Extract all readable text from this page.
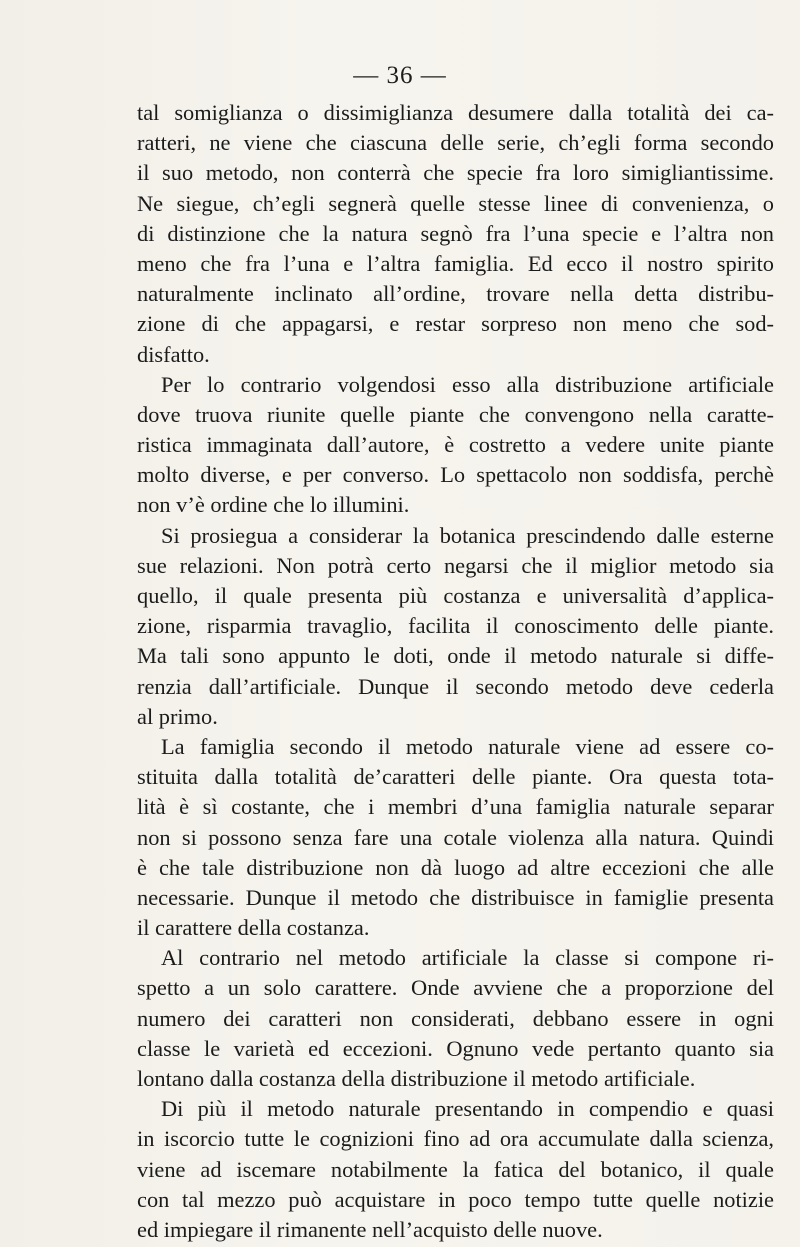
— 36 —
tal somiglianza o dissimiglianza desumere dalla totalità dei ca-
ratteri, ne viene che ciascuna delle serie, ch’egli forma secondo
il suo metodo, non conterrà che specie fra loro simigliantissime.
Ne siegue, ch’egli segnerà quelle stesse linee di convenienza, o
di distinzione che la natura segnò fra l’una specie e l’altra non
meno che fra l’una e l’altra famiglia. Ed ecco il nostro spirito
naturalmente inclinato all’ordine, trovare nella detta distribu-
zione di che appagarsi, e restar sorpreso non meno che sod-
disfatto.
Per lo contrario volgendosi esso alla distribuzione artificiale
dove truova riunite quelle piante che convengono nella caratte-
ristica immaginata dall’autore, è costretto a vedere unite piante
molto diverse, e per converso. Lo spettacolo non soddisfa, perchè
non v’è ordine che lo illumini.
Si prosiegua a considerar la botanica prescindendo dalle esterne
sue relazioni. Non potrà certo negarsi che il miglior metodo sia
quello, il quale presenta più costanza e universalità d’applica-
zione, risparmia travaglio, facilita il conoscimento delle piante.
Ma tali sono appunto le doti, onde il metodo naturale si diffe-
renzia dall’artificiale. Dunque il secondo metodo deve cederla
al primo.
La famiglia secondo il metodo naturale viene ad essere co-
stituita dalla totalità de’caratteri delle piante. Ora questa tota-
lità è sì costante, che i membri d’una famiglia naturale separar
non si possono senza fare una cotale violenza alla natura. Quindi
è che tale distribuzione non dà luogo ad altre eccezioni che alle
necessarie. Dunque il metodo che distribuisce in famiglie presenta
il carattere della costanza.
Al contrario nel metodo artificiale la classe si compone ri-
spetto a un solo carattere. Onde avviene che a proporzione del
numero dei caratteri non considerati, debbano essere in ogni
classe le varietà ed eccezioni. Ognuno vede pertanto quanto sia
lontano dalla costanza della distribuzione il metodo artificiale.
Di più il metodo naturale presentando in compendio e quasi
in iscorcio tutte le cognizioni fino ad ora accumulate dalla scienza,
viene ad iscemare notabilmente la fatica del botanico, il quale
con tal mezzo può acquistare in poco tempo tutte quelle notizie
ed impiegare il rimanente nell’acquisto delle nuove.
